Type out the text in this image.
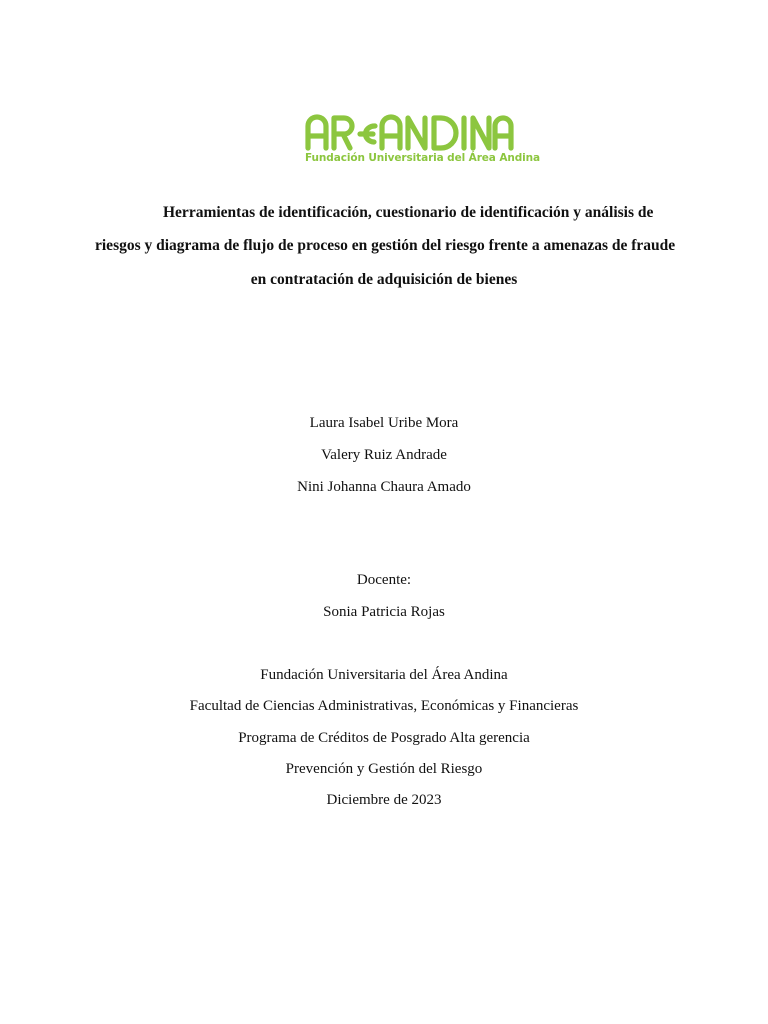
Fundación Universitaria del Área Andina
Herramientas de identificación, cuestionario de identificación y análisis de
riesgos y diagrama de flujo de proceso en gestión del riesgo frente a amenazas de fraude
en contratación de adquisición de bienes
Laura Isabel Uribe Mora
Valery Ruiz Andrade
Nini Johanna Chaura Amado
Docente:
Sonia Patricia Rojas
Fundación Universitaria del Área Andina
Facultad de Ciencias Administrativas, Económicas y Financieras
Programa de Créditos de Posgrado Alta gerencia
Prevención y Gestión del Riesgo
Diciembre de 2023
